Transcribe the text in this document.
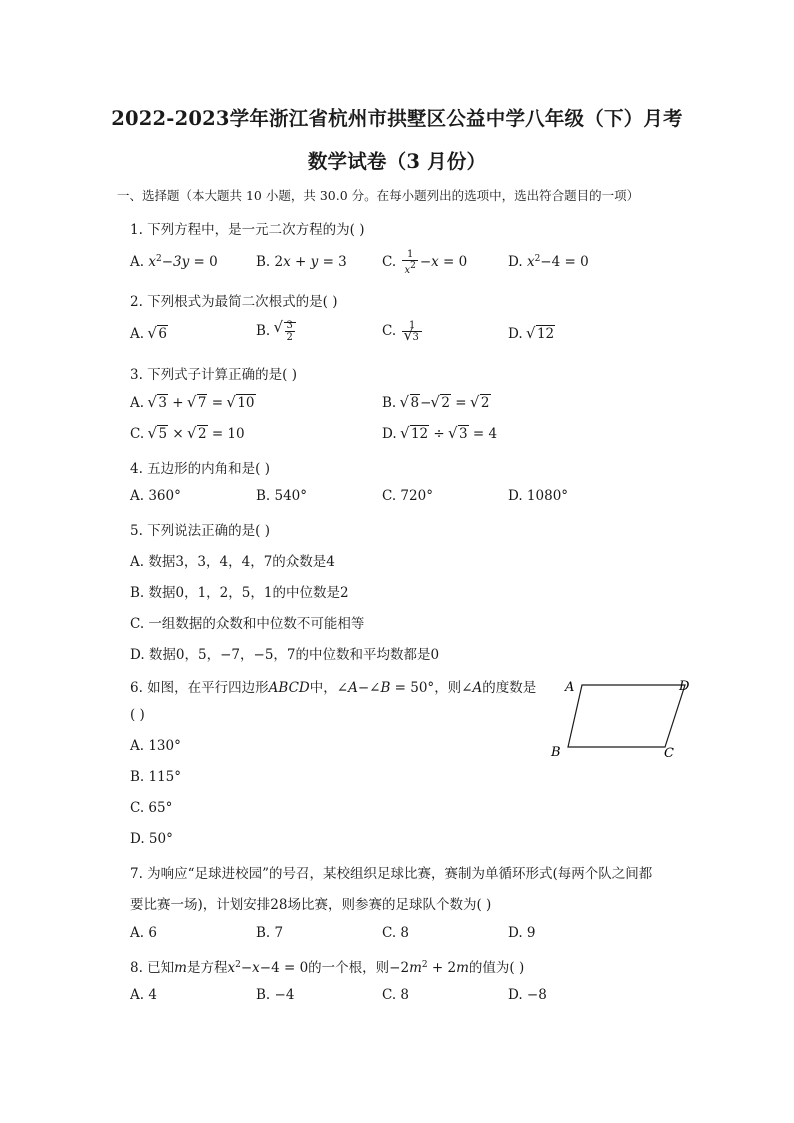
2022-2023学年浙江省杭州市拱墅区公益中学八年级（下）月考
数学试卷（3 月份）
一、选择题（本大题共 10 小题，共 30.0 分。在每小题列出的选项中，选出符合题目的一项）
1. 下列方程中，是一元二次方程的为( )
A. $x^2-3y = 0$	B. 2x + y = 3	C. $\frac{1}{x^2} -x = 0$	D. $x^2-4 = 0$
2. 下列根式为最简二次根式的是( )
A. √ 6	B. √ $\frac{3}{2}$	C. 1
√ 3	D. √ 12
3. 下列式子计算正确的是( )
A. √ 3 + √ 7 = √ 10	B. √ 8− √ 2 = √ 2
C. √ 5 × √ 2 = 10	D. √ 12 ÷ √ 3 = 4
4. 五边形的内角和是( )
A. 360°	B. 540°	C. 720°	D. 1080°
5. 下列说法正确的是( )
A. 数据3，3，4，4，7的众数是4
B. 数据0，1，2，5，1的中位数是2
C. 一组数据的众数和中位数不可能相等
D. 数据0，5，−7，−5，7的中位数和平均数都是0
6. 如图，在平行四边形ABCD中，∠A−∠B = 50°，则∠A的度数是
( )
A. 130°
B. 115°
C. 65°
D. 50°
A	D
B	C
7. 为响应“足球进校园”的号召，某校组织足球比赛，赛制为单循环形式(每两个队之间都
要比赛一场)，计划安排28场比赛，则参赛的足球队个数为( )
A. 6	B. 7	C. 8	D. 9
8. 已知m是方程$x^2-x-4 = 0$的一个根，则$-2m^2 + 2m$的值为( )
A. 4	B. −4	C. 8	D. −8
